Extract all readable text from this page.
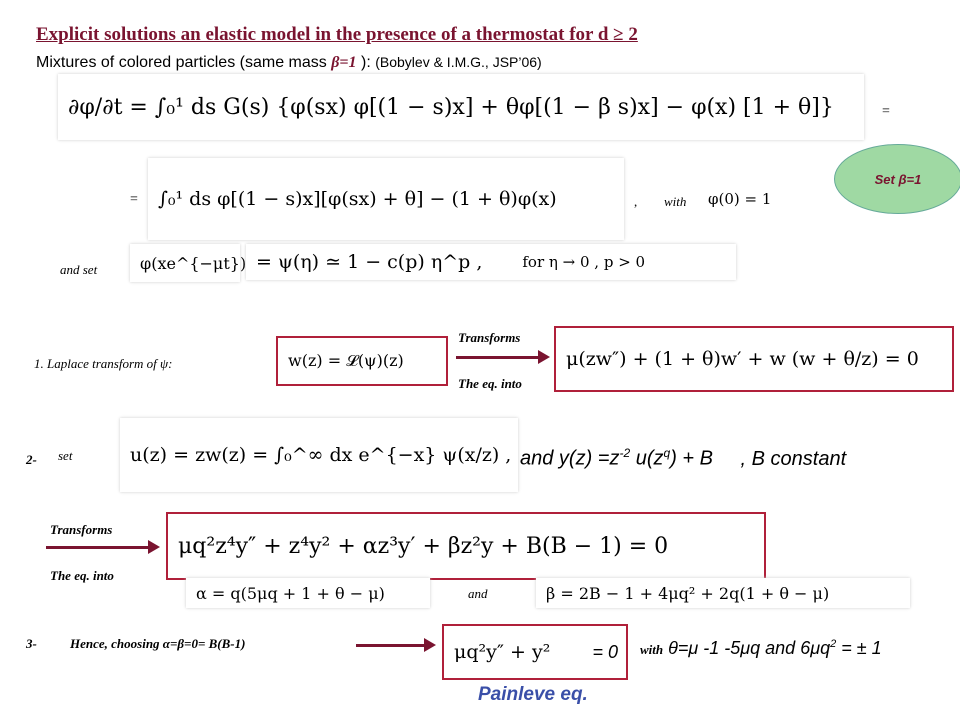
Explicit solutions an elastic model in the presence of a thermostat for d ≥ 2
Mixtures of colored particles (same mass β=1 ): (Bobylev & I.M.G., JSP’06)
∂φ/∂t = ∫₀¹ ds G(s) {φ(sx) φ[(1 − s)x] + θφ[(1 − β s)x] − φ(x) [1 + θ]}	=
Set β=1
=	∫₀¹ ds φ[(1 − s)x][φ(sx) + θ] − (1 + θ)φ(x)	, with φ(0) = 1
and set	φ(xe^{−μt}) = ψ(η) ≃ 1 − c(p) η^p ,	for η → 0 , p > 0
1. Laplace transform of ψ:	w(z) = 𝓛(ψ)(z)
Transforms
The eq. into
μ(zw″) + (1 + θ)w′ + w (w + θ/z) = 0
2- set	u(z) = zw(z) = ∫₀^∞ dx e^{−x} ψ(x/z) , and $y(z) =z^{-2}$ $u(z^q) + B$ , B constant
Transforms
The eq. into
μq²z⁴y″ + z⁴y² + αz³y′ + βz²y + B(B − 1) = 0
α = q(5μq + 1 + θ − μ)	and	β = 2B − 1 + 4μq² + 2q(1 + θ − μ)
3-	Hence, choosing α=β=0= B(B-1)	μq²y″ + y² = 0 with θ=μ -1 -5μq and $6\mu q^2$ = ± 1
Painleve eq.
